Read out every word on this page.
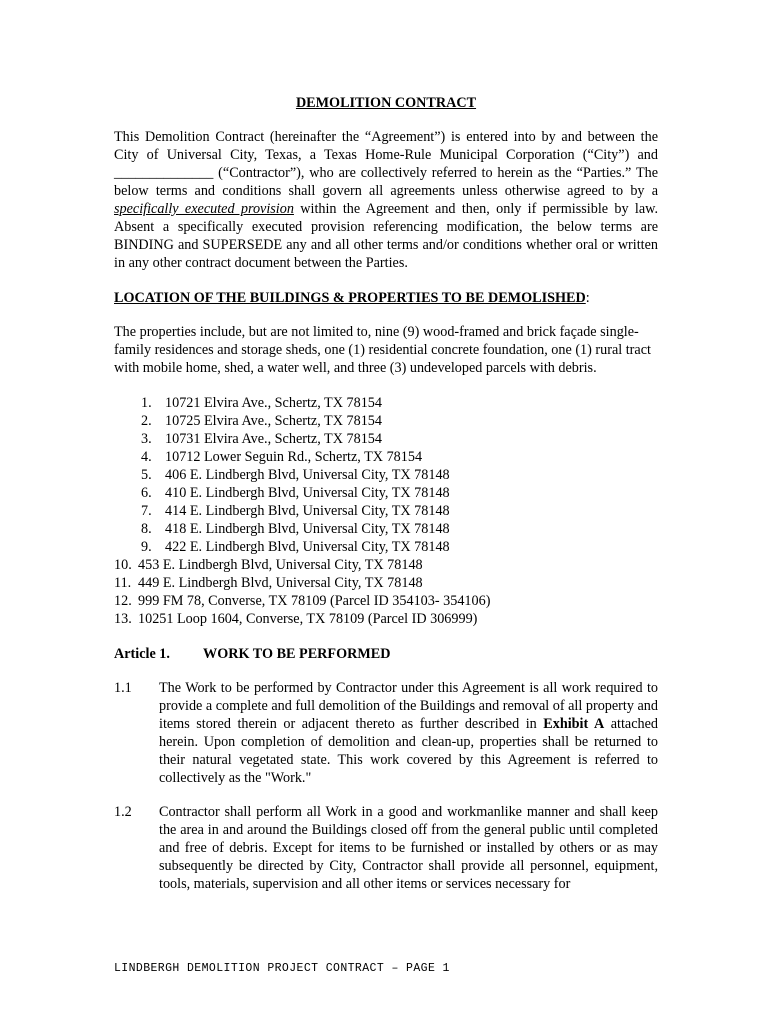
DEMOLITION CONTRACT

This Demolition Contract (hereinafter the “Agreement”) is entered into by and between the City of Universal City, Texas, a Texas Home-Rule Municipal Corporation (“City”) and ______________ (“Contractor”), who are collectively referred to herein as the “Parties.” The below terms and conditions shall govern all agreements unless otherwise agreed to by a specifically executed provision within the Agreement and then, only if permissible by law. Absent a specifically executed provision referencing modification, the below terms are BINDING and SUPERSEDE any and all other terms and/or conditions whether oral or written in any other contract document between the Parties.

LOCATION OF THE BUILDINGS & PROPERTIES TO BE DEMOLISHED:

The properties include, but are not limited to, nine (9) wood-framed and brick façade single-family residences and storage sheds, one (1) residential concrete foundation, one (1) rural tract with mobile home, shed, a water well, and three (3) undeveloped parcels with debris.

1. 10721 Elvira Ave., Schertz, TX 78154
2. 10725 Elvira Ave., Schertz, TX 78154
3. 10731 Elvira Ave., Schertz, TX 78154
4. 10712 Lower Seguin Rd., Schertz, TX 78154
5. 406 E. Lindbergh Blvd, Universal City, TX 78148
6. 410 E. Lindbergh Blvd, Universal City, TX 78148
7. 414 E. Lindbergh Blvd, Universal City, TX 78148
8. 418 E. Lindbergh Blvd, Universal City, TX 78148
9. 422 E. Lindbergh Blvd, Universal City, TX 78148
10. 453 E. Lindbergh Blvd, Universal City, TX 78148
11. 449 E. Lindbergh Blvd, Universal City, TX 78148
12. 999 FM 78, Converse, TX 78109 (Parcel ID 354103- 354106)
13. 10251 Loop 1604, Converse, TX 78109 (Parcel ID 306999)
Article 1.	WORK TO BE PERFORMED
1.1	The Work to be performed by Contractor under this Agreement is all work required to provide a complete and full demolition of the Buildings and removal of all property and items stored therein or adjacent thereto as further described in Exhibit A attached herein. Upon completion of demolition and clean-up, properties shall be returned to their natural vegetated state. This work covered by this Agreement is referred to collectively as the "Work."
1.2	Contractor shall perform all Work in a good and workmanlike manner and shall keep the area in and around the Buildings closed off from the general public until completed and free of debris. Except for items to be furnished or installed by others or as may subsequently be directed by City, Contractor shall provide all personnel, equipment, tools, materials, supervision and all other items or services necessary for
LINDBERGH DEMOLITION PROJECT CONTRACT – PAGE 1
